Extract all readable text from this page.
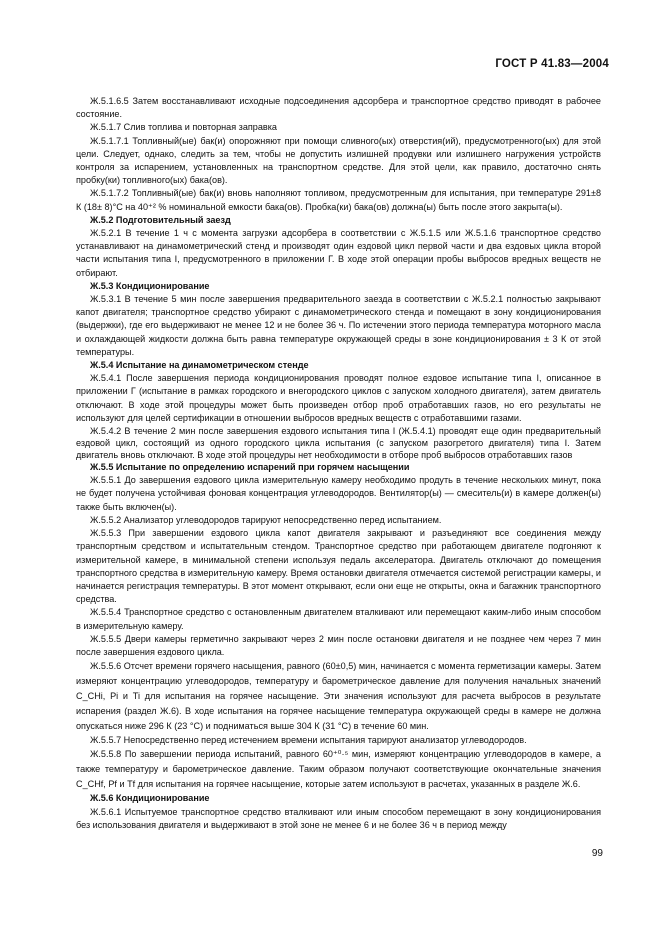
ГОСТ Р 41.83—2004

Ж.5.1.6.5 Затем восстанавливают исходные подсоединения адсорбера и транспортное средство приводят в рабочее состояние.

Ж.5.1.7 Слив топлива и повторная заправка

Ж.5.1.7.1 Топливный(ые) бак(и) опорожняют при помощи сливного(ых) отверстия(ий), предусмотренного(ых) для этой цели. Следует, однако, следить за тем, чтобы не допустить излишней продувки или излишнего нагружения устройств контроля за испарением, установленных на транспортном средстве. Для этой цели, как правило, достаточно снять пробку(ки) топливного(ых) бака(ов).

Ж.5.1.7.2 Топливный(ые) бак(и) вновь наполняют топливом, предусмотренным для испытания, при температуре 291±8 К (18± 8)°С на 40⁺² % номинальной емкости бака(ов). Пробка(ки) бака(ов) должна(ы) быть после этого закрыта(ы).

Ж.5.2 Подготовительный заезд

Ж.5.2.1 В течение 1 ч с момента загрузки адсорбера в соответствии с Ж.5.1.5 или Ж.5.1.6 транспортное средство устанавливают на динамометрический стенд и производят один ездовой цикл первой части и два ездовых цикла второй части испытания типа I, предусмотренного в приложении Г. В ходе этой операции пробы выбросов вредных веществ не отбирают.

Ж.5.3 Кондиционирование

Ж.5.3.1 В течение 5 мин после завершения предварительного заезда в соответствии с Ж.5.2.1 полностью закрывают капот двигателя; транспортное средство убирают с динамометрического стенда и помещают в зону кондиционирования (выдержки), где его выдерживают не менее 12 и не более 36 ч. По истечении этого периода температура моторного масла и охлаждающей жидкости должна быть равна температуре окружающей среды в зоне кондиционирования ± 3 К от этой температуры.

Ж.5.4 Испытание на динамометрическом стенде

Ж.5.4.1 После завершения периода кондиционирования проводят полное ездовое испытание типа I, описанное в приложении Г (испытание в рамках городского и внегородского циклов с запуском холодного двигателя), затем двигатель отключают. В ходе этой процедуры может быть произведен отбор проб отработавших газов, но его результаты не используют для целей сертификации в отношении выбросов вредных веществ с отработавшими газами.

Ж.5.4.2 В течение 2 мин после завершения ездового испытания типа I (Ж.5.4.1) проводят еще один предварительный ездовой цикл, состоящий из одного городского цикла испытания (с запуском разогретого двигателя) типа I. Затем двигатель вновь отключают. В ходе этой процедуры нет необходимости в отборе проб выбросов отработавших газов

Ж.5.5 Испытание по определению испарений при горячем насыщении

Ж.5.5.1 До завершения ездового цикла измерительную камеру необходимо продуть в течение нескольких минут, пока не будет получена устойчивая фоновая концентрация углеводородов. Вентилятор(ы) — смеситель(и) в камере должен(ы) также быть включен(ы).

Ж.5.5.2 Анализатор углеводородов тарируют непосредственно перед испытанием.

Ж.5.5.3 При завершении ездового цикла капот двигателя закрывают и разъединяют все соединения между транспортным средством и испытательным стендом. Транспортное средство при работающем двигателе подгоняют к измерительной камере, в минимальной степени используя педаль акселератора. Двигатель отключают до помещения транспортного средства в измерительную камеру. Время остановки двигателя отмечается системой регистрации камеры, и начинается регистрация температуры. В этот момент открывают, если они еще не открыты, окна и багажник транспортного средства.

Ж.5.5.4 Транспортное средство с остановленным двигателем вталкивают или перемещают каким-либо иным способом в измерительную камеру.

Ж.5.5.5 Двери камеры герметично закрывают через 2 мин после остановки двигателя и не позднее чем через 7 мин после завершения ездового цикла.

Ж.5.5.6 Отсчет времени горячего насыщения, равного (60±0,5) мин, начинается с момента герметизации камеры. Затем измеряют концентрацию углеводородов, температуру и барометрическое давление для получения начальных значений C_CHi, Pi и Ti для испытания на горячее насыщение. Эти значения используют для расчета выбросов в результате испарения (раздел Ж.6). В ходе испытания на горячее насыщение температура окружающей среды в камере не должна опускаться ниже 296 К (23 °С) и подниматься выше 304 К (31 °С) в течение 60 мин.

Ж.5.5.7 Непосредственно перед истечением времени испытания тарируют анализатор углеводородов.

Ж.5.5.8 По завершении периода испытаний, равного 60⁺⁰·⁵ мин, измеряют концентрацию углеводородов в камере, а также температуру и барометрическое давление. Таким образом получают соответствующие окончательные значения C_CHf, Pf и Tf для испытания на горячее насыщение, которые затем используют в расчетах, указанных в разделе Ж.6.

Ж.5.6 Кондиционирование

Ж.5.6.1 Испытуемое транспортное средство вталкивают или иным способом перемещают в зону кондиционирования без использования двигателя и выдерживают в этой зоне не менее 6 и не более 36 ч в период между

99
